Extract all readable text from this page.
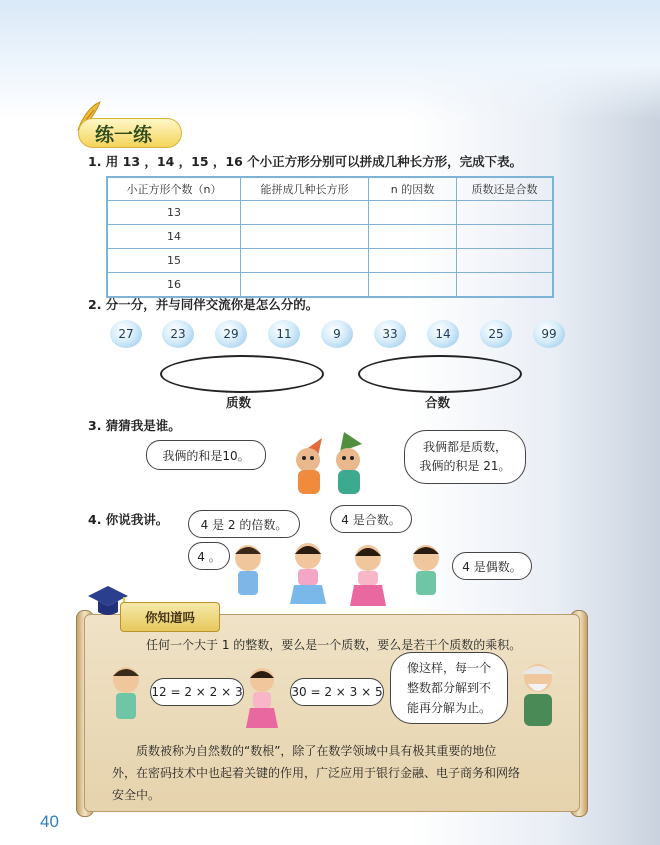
练一练
1. 用 13 ，14 ，15 ，16 个小正方形分别可以拼成几种长方形，完成下表。
小正方形个数（n）	能拼成几种长方形	n 的因数	质数还是合数
13			
14			
15			
16			
2. 分一分，并与同伴交流你是怎么分的。
27	23	29	11	9	33	14	25	99
质数	合数
3. 猜猜我是谁。
我俩的和是10。
我俩都是质数，
我俩的积是 21。
4. 你说我讲。	4 是 2 的倍数。	4 是合数。
4 。
4 是偶数。
你知道吗
任何一个大于 1 的整数，要么是一个质数，要么是若干个质数的乘积。
12 = 2 × 2 × 3	30 = 2 × 3 × 5
像这样，每一个
整数都分解到不
能再分解为止。
质数被称为自然数的“数根”，除了在数学领域中具有极其重要的地位
外，在密码技术中也起着关键的作用，广泛应用于银行金融、电子商务和网络
安全中。
40
